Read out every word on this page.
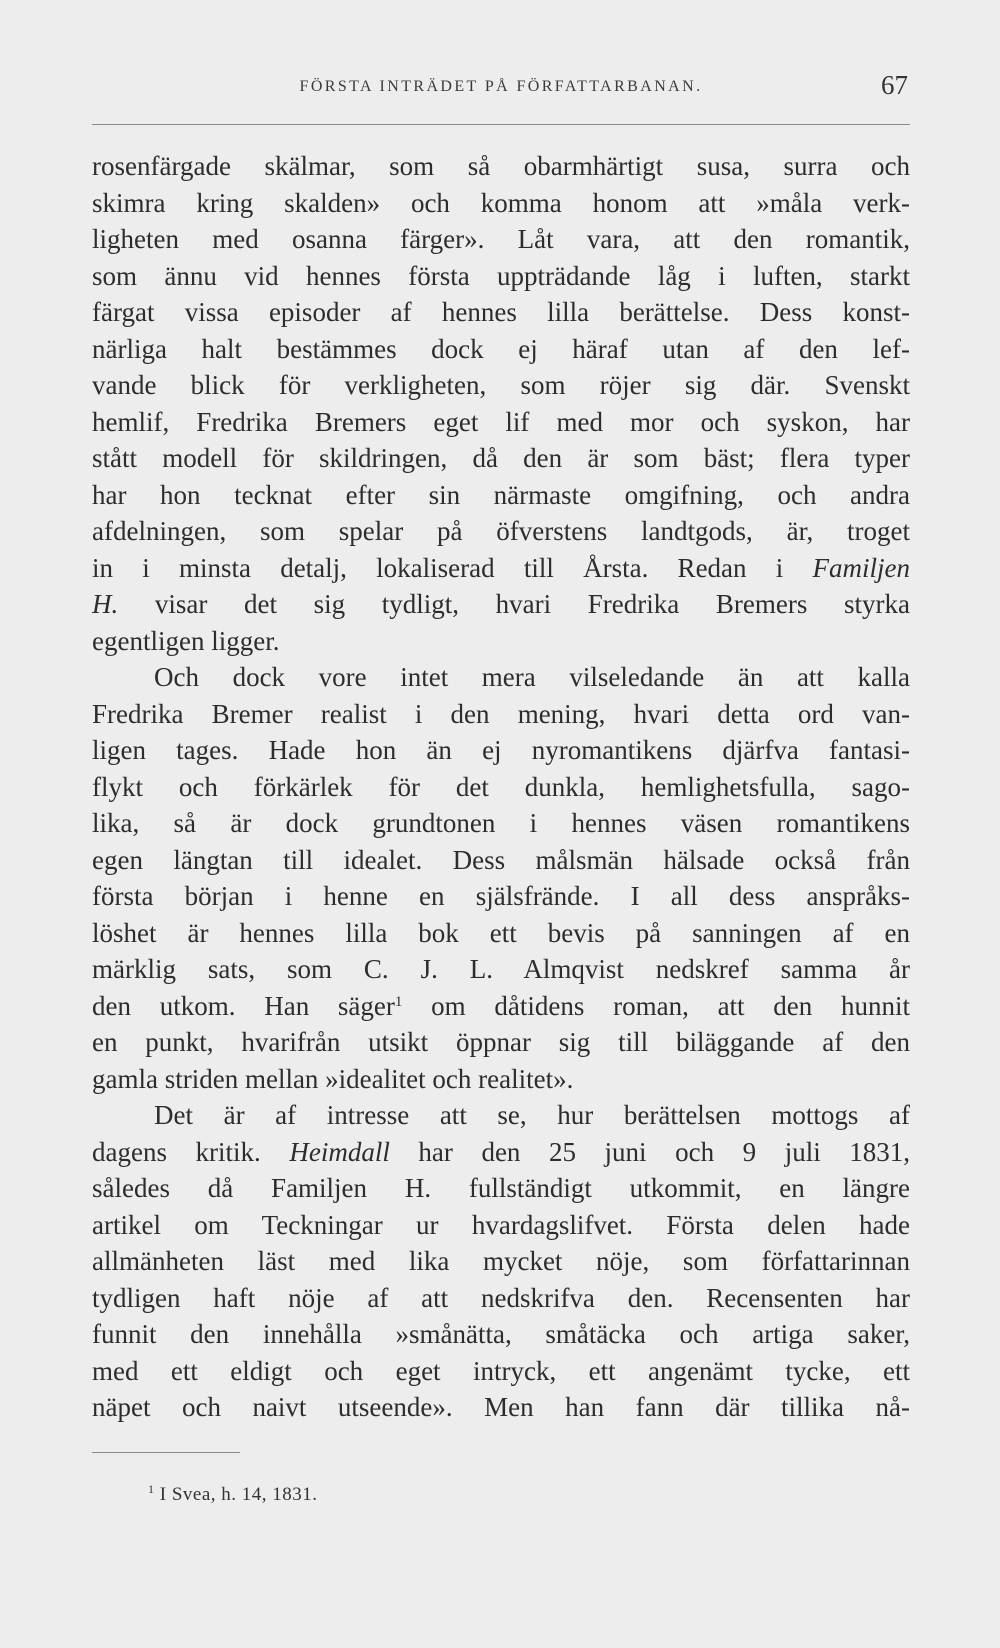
FÖRSTA INTRÄDET PÅ FÖRFATTARBANAN.	67
rosenfärgade skälmar, som så obarmhärtigt susa, surra och
skimra kring skalden» och komma honom att »måla verk-
ligheten med osanna färger». Låt vara, att den romantik,
som ännu vid hennes första uppträdande låg i luften, starkt
färgat vissa episoder af hennes lilla berättelse. Dess konst-
närliga halt bestämmes dock ej häraf utan af den lef-
vande blick för verkligheten, som röjer sig där. Svenskt
hemlif, Fredrika Bremers eget lif med mor och syskon, har
stått modell för skildringen, då den är som bäst; flera typer
har hon tecknat efter sin närmaste omgifning, och andra
afdelningen, som spelar på öfverstens landtgods, är, troget
in i minsta detalj, lokaliserad till Årsta. Redan i Familjen
H. visar det sig tydligt, hvari Fredrika Bremers styrka
egentligen ligger.
Och dock vore intet mera vilseledande än att kalla
Fredrika Bremer realist i den mening, hvari detta ord van-
ligen tages. Hade hon än ej nyromantikens djärfva fantasi-
flykt och förkärlek för det dunkla, hemlighetsfulla, sago-
lika, så är dock grundtonen i hennes väsen romantikens
egen längtan till idealet. Dess målsmän hälsade också från
första början i henne en själsfrände. I all dess anspråks-
löshet är hennes lilla bok ett bevis på sanningen af en
märklig sats, som C. J. L. Almqvist nedskref samma år
den utkom. Han säger$^1$ om dåtidens roman, att den hunnit
en punkt, hvarifrån utsikt öppnar sig till biläggande af den
gamla striden mellan »idealitet och realitet».
Det är af intresse att se, hur berättelsen mottogs af
dagens kritik. Heimdall har den 25 juni och 9 juli 1831,
således då Familjen H. fullständigt utkommit, en längre
artikel om Teckningar ur hvardagslifvet. Första delen hade
allmänheten läst med lika mycket nöje, som författarinnan
tydligen haft nöje af att nedskrifva den. Recensenten har
funnit den innehålla »smånätta, småtäcka och artiga saker,
med ett eldigt och eget intryck, ett angenämt tycke, ett
näpet och naivt utseende». Men han fann där tillika nå-
$^1$ I Svea, h. 14, 1831.
